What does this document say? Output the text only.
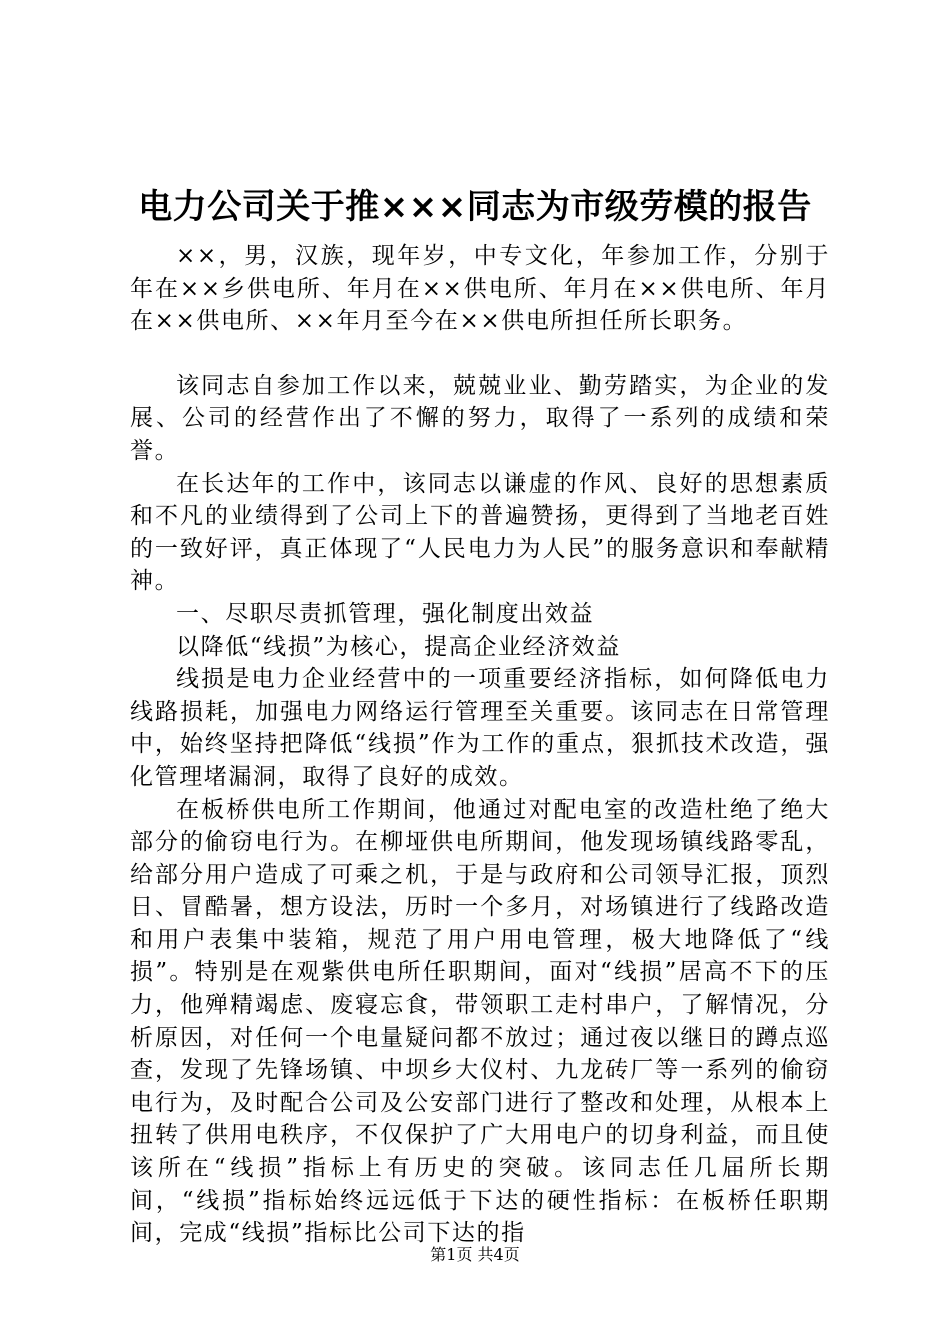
电力公司关于推×××同志为市级劳模的报告

××，男，汉族，现年岁，中专文化，年参加工作，分别于年在××乡供电所、年月在××供电所、年月在××供电所、年月在××供电所、××年月至今在××供电所担任所长职务。

该同志自参加工作以来，兢兢业业、勤劳踏实，为企业的发展、公司的经营作出了不懈的努力，取得了一系列的成绩和荣誉。

在长达年的工作中，该同志以谦虚的作风、良好的思想素质和不凡的业绩得到了公司上下的普遍赞扬，更得到了当地老百姓的一致好评，真正体现了“人民电力为人民”的服务意识和奉献精神。

一、尽职尽责抓管理，强化制度出效益

以降低“线损”为核心，提高企业经济效益

线损是电力企业经营中的一项重要经济指标，如何降低电力线路损耗，加强电力网络运行管理至关重要。该同志在日常管理中，始终坚持把降低“线损”作为工作的重点，狠抓技术改造，强化管理堵漏洞，取得了良好的成效。

在板桥供电所工作期间，他通过对配电室的改造杜绝了绝大部分的偷窃电行为。在柳垭供电所期间，他发现场镇线路零乱，给部分用户造成了可乘之机，于是与政府和公司领导汇报，顶烈日、冒酷暑，想方设法，历时一个多月，对场镇进行了线路改造和用户表集中装箱，规范了用户用电管理，极大地降低了“线损”。特别是在观紫供电所任职期间，面对“线损”居高不下的压力，他殚精竭虑、废寝忘食，带领职工走村串户，了解情况，分析原因，对任何一个电量疑问都不放过；通过夜以继日的蹲点巡查，发现了先锋场镇、中坝乡大仪村、九龙砖厂等一系列的偷窃电行为，及时配合公司及公安部门进行了整改和处理，从根本上扭转了供用电秩序，不仅保护了广大用电户的切身利益，而且使该所在“线损”指标上有历史的突破。该同志任几届所长期间，“线损”指标始终远远低于下达的硬性指标：在板桥任职期间，完成“线损”指标比公司下达的指

第1页 共4页
